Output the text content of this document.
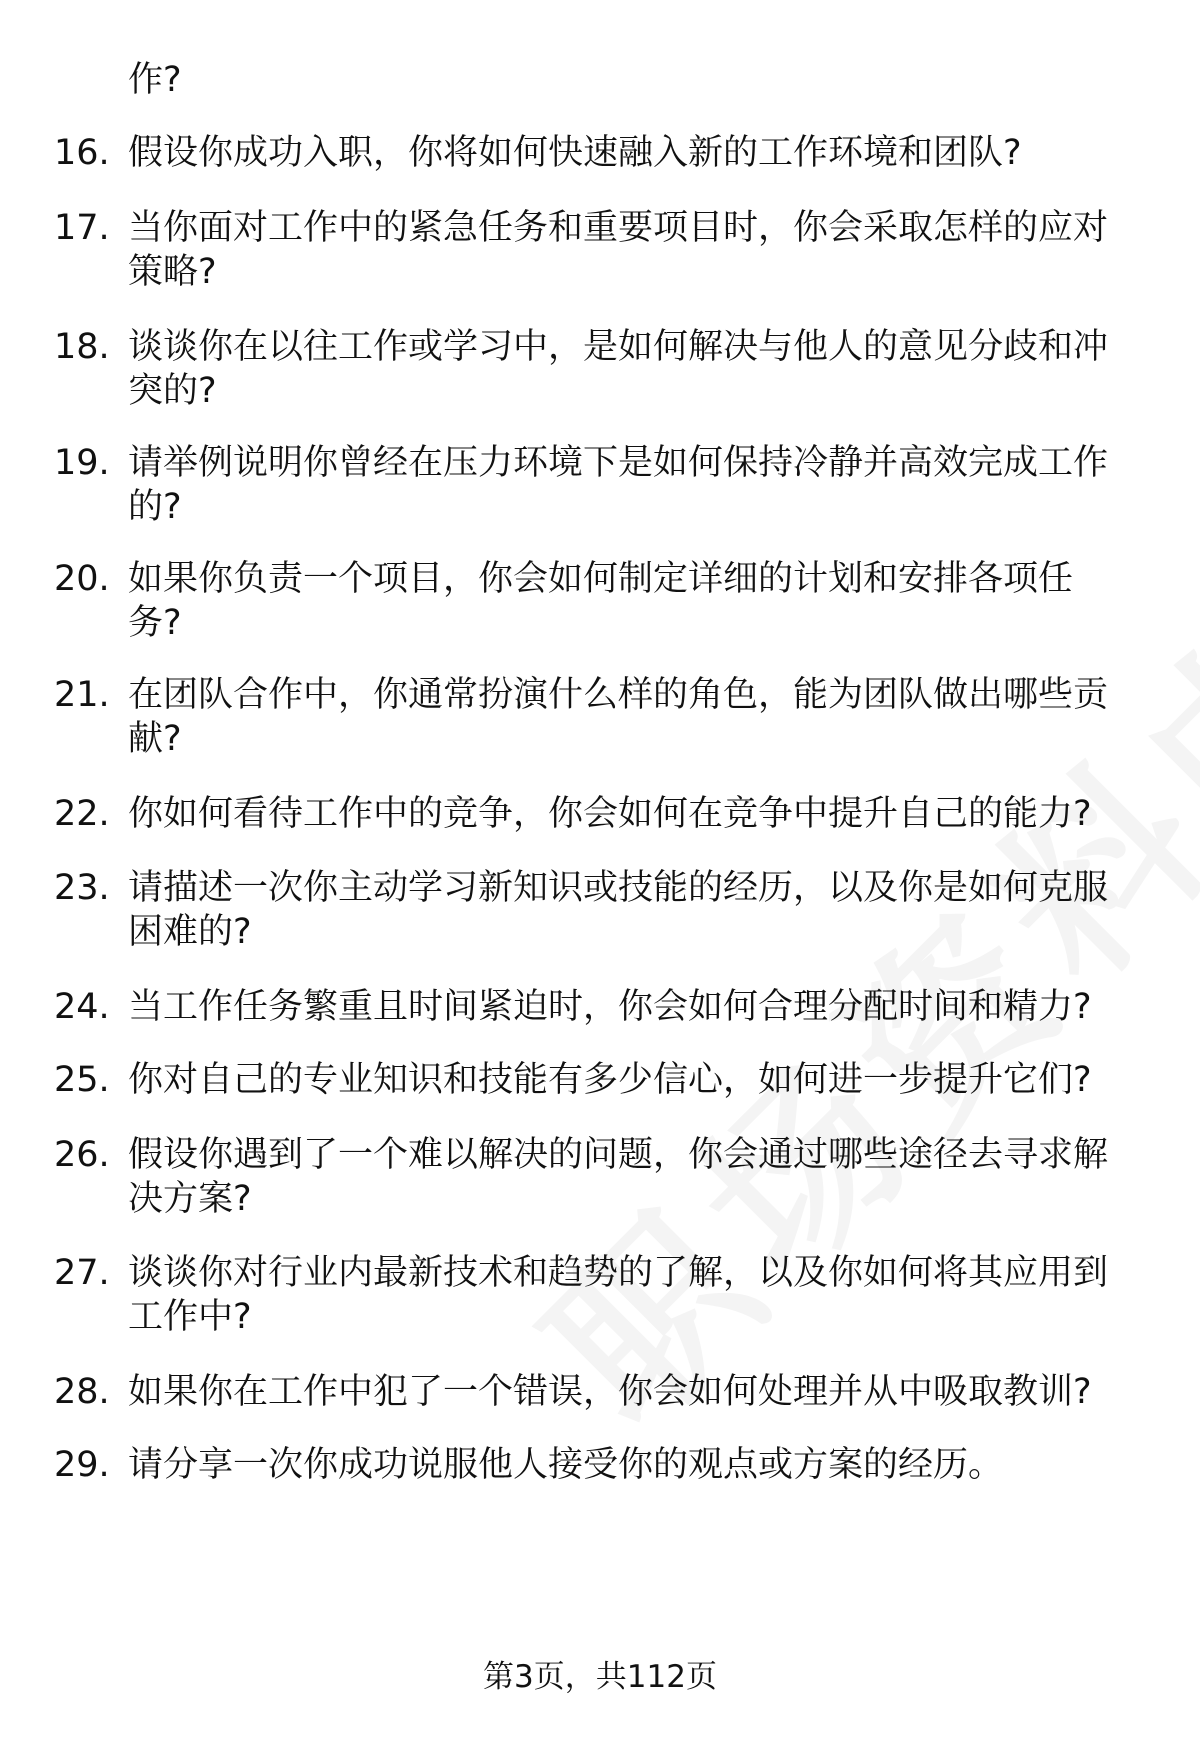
作?
16. 假设你成功入职，你将如何快速融入新的工作环境和团队?
17. 当你面对工作中的紧急任务和重要项目时，你会采取怎样的应对
策略?
18. 谈谈你在以往工作或学习中，是如何解决与他人的意见分歧和冲
突的?
19. 请举例说明你曾经在压力环境下是如何保持冷静并高效完成工作
的?
20. 如果你负责一个项目，你会如何制定详细的计划和安排各项任
务?
21. 在团队合作中，你通常扮演什么样的角色，能为团队做出哪些贡
献?
22. 你如何看待工作中的竞争，你会如何在竞争中提升自己的能力?
23. 请描述一次你主动学习新知识或技能的经历，以及你是如何克服
困难的?
24. 当工作任务繁重且时间紧迫时，你会如何合理分配时间和精力?
25. 你对自己的专业知识和技能有多少信心，如何进一步提升它们?
26. 假设你遇到了一个难以解决的问题，你会通过哪些途径去寻求解
决方案?
27. 谈谈你对行业内最新技术和趋势的了解，以及你如何将其应用到
工作中?
28. 如果你在工作中犯了一个错误，你会如何处理并从中吸取教训?
29. 请分享一次你成功说服他人接受你的观点或方案的经历。
第3页，共112页
